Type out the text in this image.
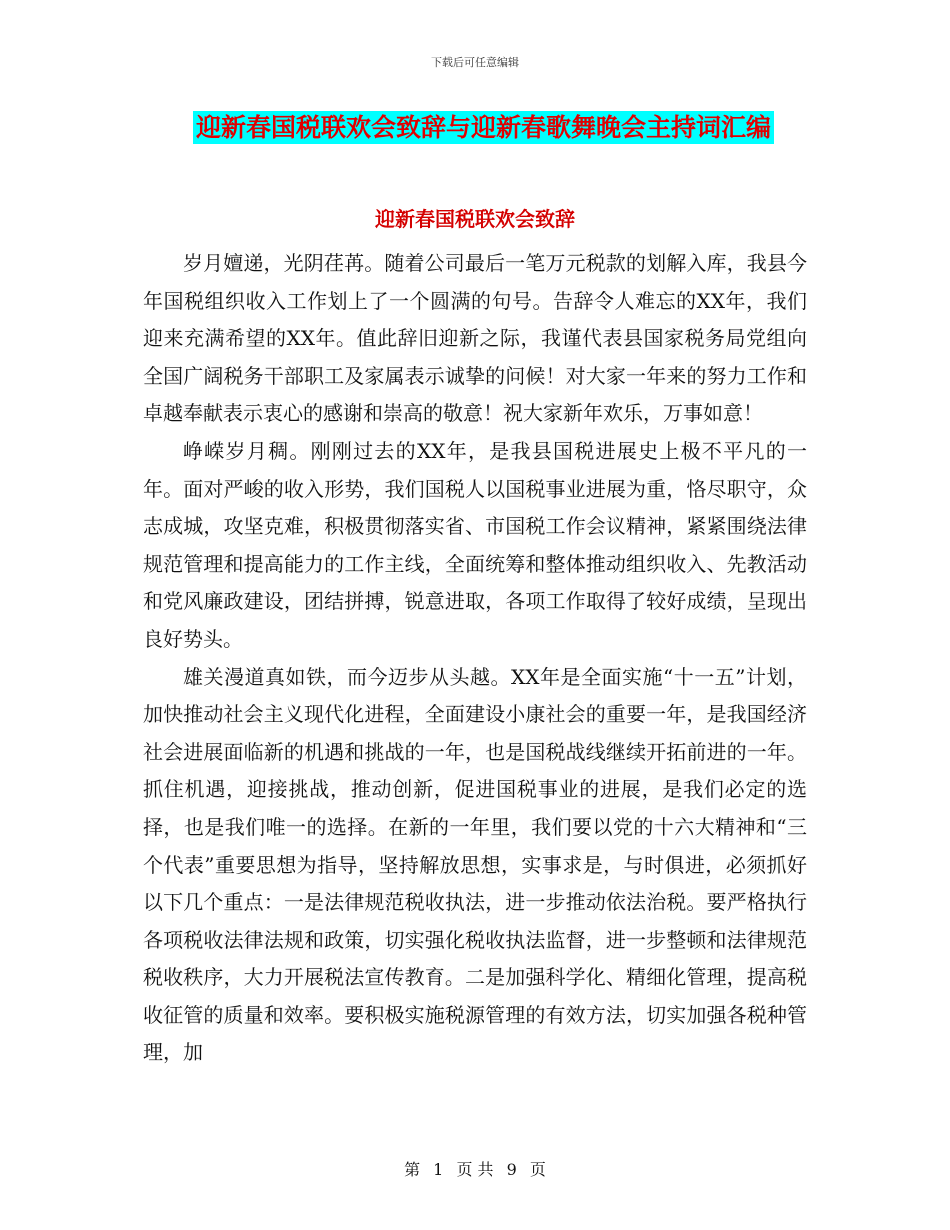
下载后可任意编辑
迎新春国税联欢会致辞与迎新春歌舞晚会主持词汇编
迎新春国税联欢会致辞

岁月嬗递，光阴荏苒。随着公司最后一笔万元税款的划解入库，我县今年国税组织收入工作划上了一个圆满的句号。告辞令人难忘的XX年，我们迎来充满希望的XX年。值此辞旧迎新之际，我谨代表县国家税务局党组向全国广阔税务干部职工及家属表示诚挚的问候！对大家一年来的努力工作和卓越奉献表示衷心的感谢和崇高的敬意！祝大家新年欢乐，万事如意！

峥嵘岁月稠。刚刚过去的XX年，是我县国税进展史上极不平凡的一年。面对严峻的收入形势，我们国税人以国税事业进展为重，恪尽职守，众志成城，攻坚克难，积极贯彻落实省、市国税工作会议精神，紧紧围绕法律规范管理和提高能力的工作主线，全面统筹和整体推动组织收入、先教活动和党风廉政建设，团结拼搏，锐意进取，各项工作取得了较好成绩，呈现出良好势头。

雄关漫道真如铁，而今迈步从头越。XX年是全面实施“十一五”计划，加快推动社会主义现代化进程，全面建设小康社会的重要一年，是我国经济社会进展面临新的机遇和挑战的一年，也是国税战线继续开拓前进的一年。抓住机遇，迎接挑战，推动创新，促进国税事业的进展，是我们必定的选择，也是我们唯一的选择。在新的一年里，我们要以党的十六大精神和“三个代表”重要思想为指导，坚持解放思想，实事求是，与时俱进，必须抓好以下几个重点：一是法律规范税收执法，进一步推动依法治税。要严格执行各项税收法律法规和政策，切实强化税收执法监督，进一步整顿和法律规范税收秩序，大力开展税法宣传教育。二是加强科学化、精细化管理，提高税收征管的质量和效率。要积极实施税源管理的有效方法，切实加强各税种管理，加

第 1 页 共 9 页
